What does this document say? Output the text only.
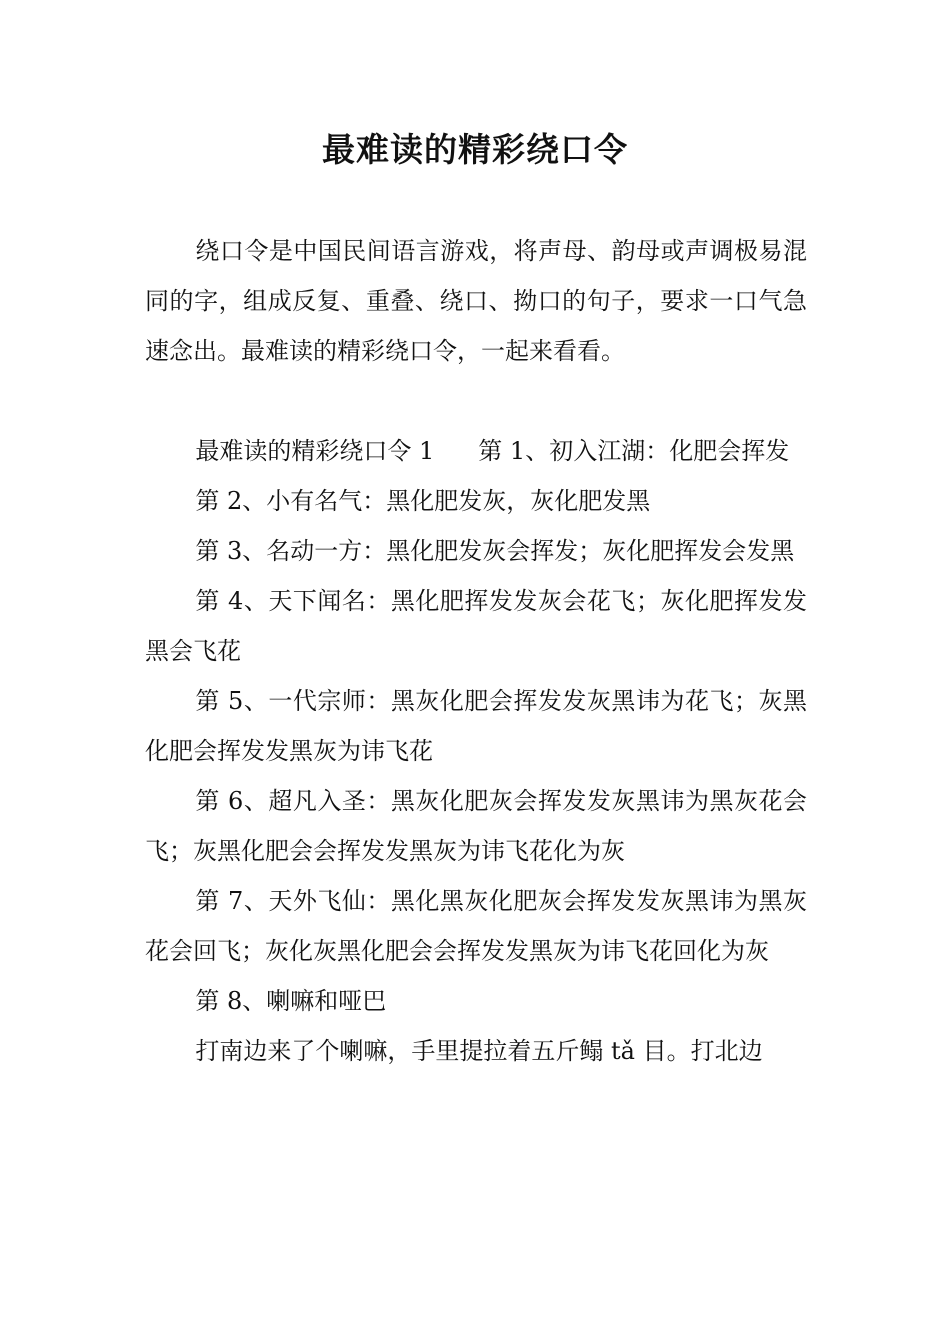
最难读的精彩绕口令

绕口令是中国民间语言游戏，将声母、韵母或声调极易混同的字，组成反复、重叠、绕口、拗口的句子，要求一口气急速念出。最难读的精彩绕口令，一起来看看。

最难读的精彩绕口令 1 第 1、初入江湖：化肥会挥发

第 2、小有名气：黑化肥发灰，灰化肥发黑

第 3、名动一方：黑化肥发灰会挥发；灰化肥挥发会发黑

第 4、天下闻名：黑化肥挥发发灰会花飞；灰化肥挥发发黑会飞花

第 5、一代宗师：黑灰化肥会挥发发灰黑讳为花飞；灰黑化肥会挥发发黑灰为讳飞花

第 6、超凡入圣：黑灰化肥灰会挥发发灰黑讳为黑灰花会飞；灰黑化肥会会挥发发黑灰为讳飞花化为灰

第 7、天外飞仙：黑化黑灰化肥灰会挥发发灰黑讳为黑灰花会回飞；灰化灰黑化肥会会挥发发黑灰为讳飞花回化为灰

第 8、喇嘛和哑巴

打南边来了个喇嘛，手里提拉着五斤鳎 tǎ 目。打北边
